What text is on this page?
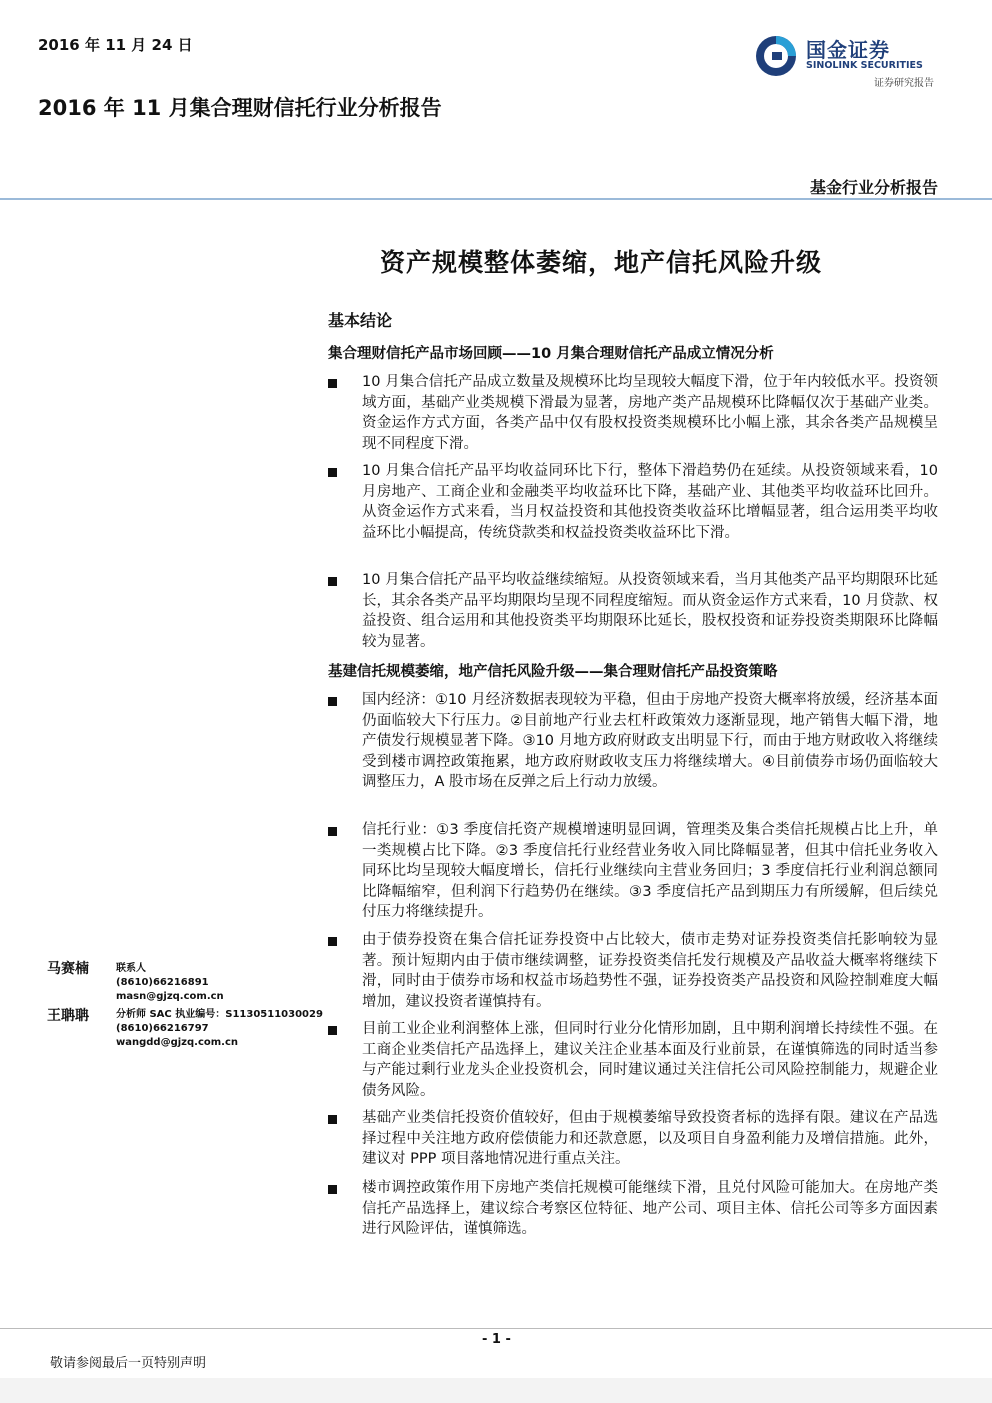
2016 年 11 月 24 日
2016 年 11 月集合理财信托行业分析报告
国金证券
SINOLINK SECURITIES
证券研究报告
基金行业分析报告
资产规模整体萎缩，地产信托风险升级
基本结论
集合理财信托产品市场回顾——10 月集合理财信托产品成立情况分析
10 月集合信托产品成立数量及规模环比均呈现较大幅度下滑，位于年内较低水平。投资领域方面，基础产业类规模下滑最为显著，房地产类产品规模环比降幅仅次于基础产业类。资金运作方式方面，各类产品中仅有股权投资类规模环比小幅上涨，其余各类产品规模呈现不同程度下滑。
10 月集合信托产品平均收益同环比下行，整体下滑趋势仍在延续。从投资领域来看，10 月房地产、工商企业和金融类平均收益环比下降，基础产业、其他类平均收益环比回升。从资金运作方式来看，当月权益投资和其他投资类收益环比增幅显著，组合运用类平均收益环比小幅提高，传统贷款类和权益投资类收益环比下滑。
10 月集合信托产品平均收益继续缩短。从投资领域来看，当月其他类产品平均期限环比延长，其余各类产品平均期限均呈现不同程度缩短。而从资金运作方式来看，10 月贷款、权益投资、组合运用和其他投资类平均期限环比延长，股权投资和证券投资类期限环比降幅较为显著。
基建信托规模萎缩，地产信托风险升级——集合理财信托产品投资策略
国内经济：①10 月经济数据表现较为平稳，但由于房地产投资大概率将放缓，经济基本面仍面临较大下行压力。②目前地产行业去杠杆政策效力逐渐显现，地产销售大幅下滑，地产债发行规模显著下降。③10 月地方政府财政支出明显下行，而由于地方财政收入将继续受到楼市调控政策拖累，地方政府财政收支压力将继续增大。④目前债券市场仍面临较大调整压力，A 股市场在反弹之后上行动力放缓。
信托行业：①3 季度信托资产规模增速明显回调，管理类及集合类信托规模占比上升，单一类规模占比下降。②3 季度信托行业经营业务收入同比降幅显著，但其中信托业务收入同环比均呈现较大幅度增长，信托行业继续向主营业务回归；3 季度信托行业利润总额同比降幅缩窄，但利润下行趋势仍在继续。③3 季度信托产品到期压力有所缓解，但后续兑付压力将继续提升。
由于债券投资在集合信托证券投资中占比较大，债市走势对证券投资类信托影响较为显著。预计短期内由于债市继续调整，证券投资类信托发行规模及产品收益大概率将继续下滑，同时由于债券市场和权益市场趋势性不强，证券投资类产品投资和风险控制难度大幅增加，建议投资者谨慎持有。
目前工业企业利润整体上涨，但同时行业分化情形加剧，且中期利润增长持续性不强。在工商企业类信托产品选择上，建议关注企业基本面及行业前景，在谨慎筛选的同时适当参与产能过剩行业龙头企业投资机会，同时建议通过关注信托公司风险控制能力，规避企业债务风险。
基础产业类信托投资价值较好，但由于规模萎缩导致投资者标的选择有限。建议在产品选择过程中关注地方政府偿债能力和还款意愿，以及项目自身盈利能力及增信措施。此外，建议对 PPP 项目落地情况进行重点关注。
楼市调控政策作用下房地产类信托规模可能继续下滑，且兑付风险可能加大。在房地产类信托产品选择上，建议综合考察区位特征、地产公司、项目主体、信托公司等多方面因素进行风险评估，谨慎筛选。
马赛楠	联系人
(8610)66216891
masn@gjzq.com.cn
王聃聃	分析师 SAC 执业编号：S1130511030029
(8610)66216797
wangdd@gjzq.com.cn
- 1 -
敬请参阅最后一页特别声明
